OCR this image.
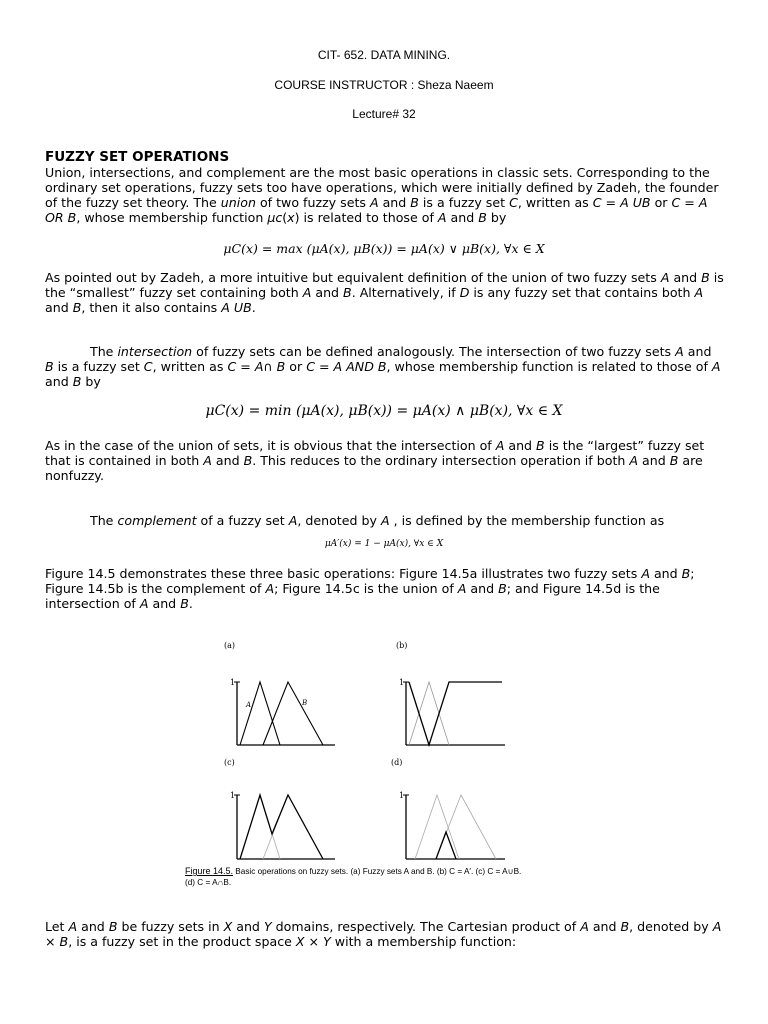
CIT- 652. DATA MINING.
COURSE INSTRUCTOR : Sheza Naeem
Lecture# 32
FUZZY SET OPERATIONS
Union, intersections, and complement are the most basic operations in classic sets. Corresponding to the
ordinary set operations, fuzzy sets too have operations, which were initially defined by Zadeh, the founder
of the fuzzy set theory. The union of two fuzzy sets A and B is a fuzzy set C, written as C = A UB or C = A
OR B, whose membership function µc(x) is related to those of A and B by
μC(x) = max (μA(x), μB(x)) = μA(x) ∨ μB(x), ∀x ∈ X
As pointed out by Zadeh, a more intuitive but equivalent definition of the union of two fuzzy sets A and B is
the “smallest” fuzzy set containing both A and B. Alternatively, if D is any fuzzy set that contains both A
and B, then it also contains A UB.
The intersection of fuzzy sets can be defined analogously. The intersection of two fuzzy sets A and
B is a fuzzy set C, written as C = A∩ B or C = A AND B, whose membership function is related to those of A
and B by
μC(x) = min (μA(x), μB(x)) = μA(x) ∧ μB(x), ∀x ∈ X
As in the case of the union of sets, it is obvious that the intersection of A and B is the “largest” fuzzy set
that is contained in both A and B. This reduces to the ordinary intersection operation if both A and B are
nonfuzzy.
The complement of a fuzzy set A, denoted by A , is defined by the membership function as
μA′(x) = 1 − μA(x), ∀x ∈ X
Figure 14.5 demonstrates these three basic operations: Figure 14.5a illustrates two fuzzy sets A and B;
Figure 14.5b is the complement of A; Figure 14.5c is the union of A and B; and Figure 14.5d is the
intersection of A and B.
(a)
1
A	B
(b)
1
(c)
1
(d)
1
Figure 14.5. Basic operations on fuzzy sets. (a) Fuzzy sets A and B. (b) C = A′. (c) C = A∪B.
(d) C = A∩B.
Let A and B be fuzzy sets in X and Y domains, respectively. The Cartesian product of A and B, denoted by A
× B, is a fuzzy set in the product space X × Y with a membership function:
